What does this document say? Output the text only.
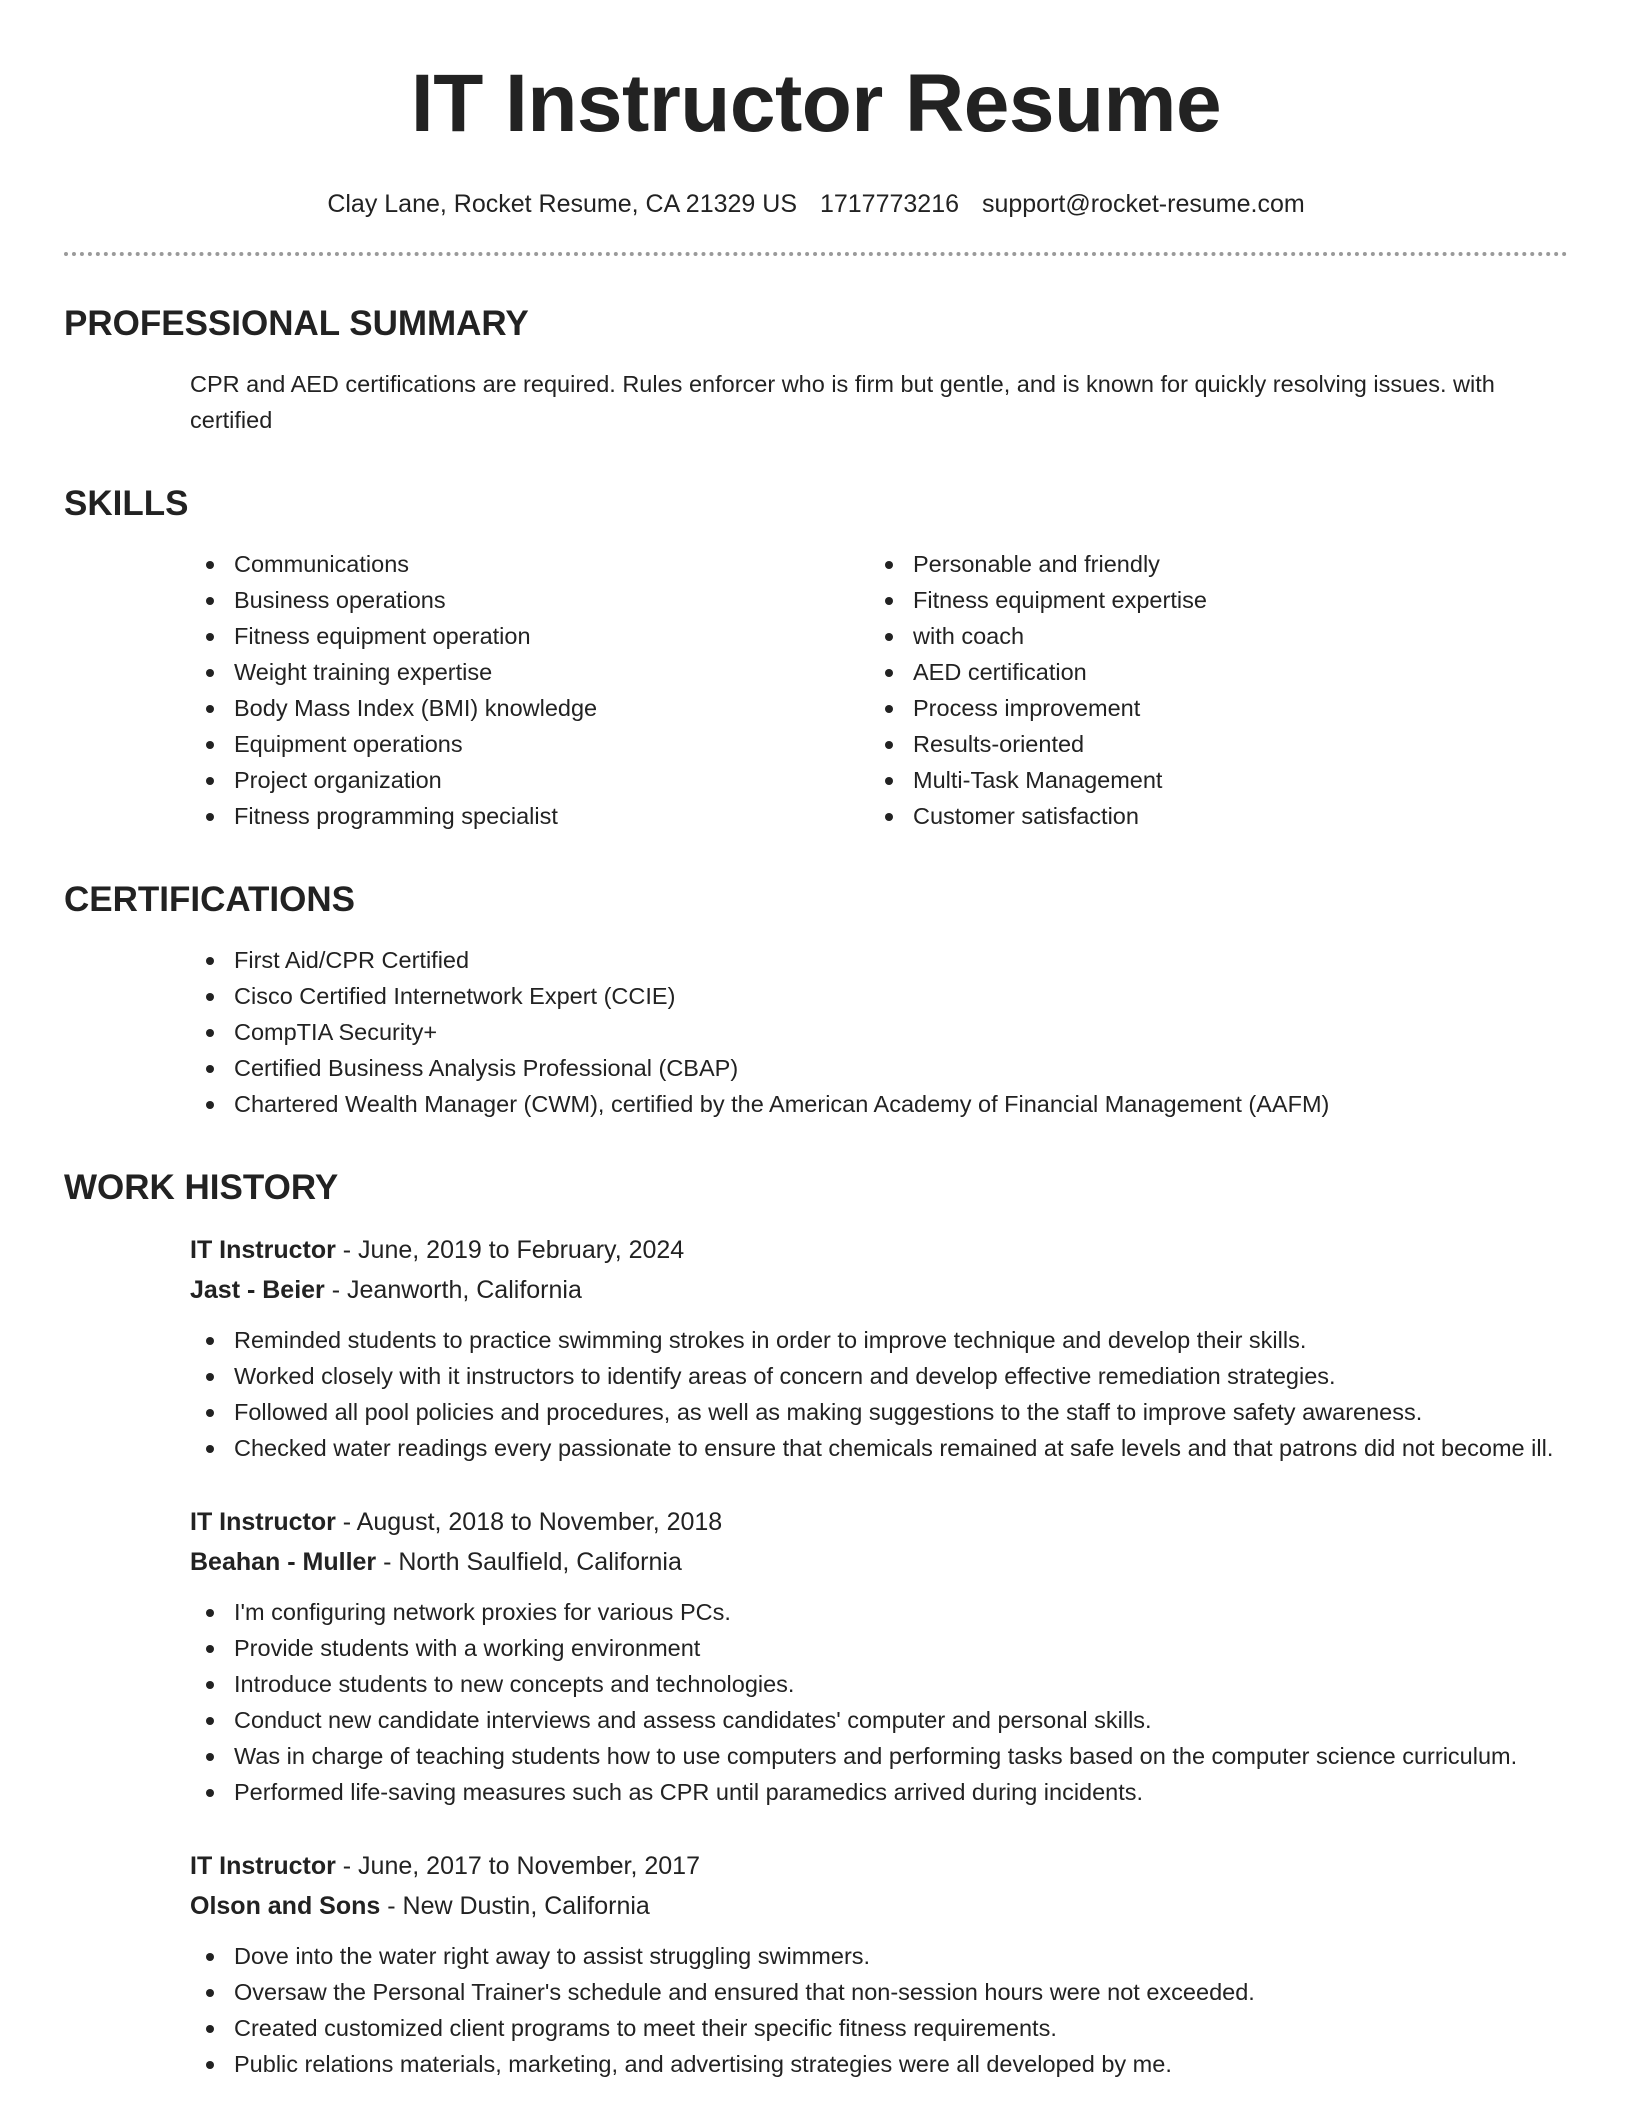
IT Instructor Resume
Clay Lane, Rocket Resume, CA 21329 US 1717773216 support@rocket-resume.com
PROFESSIONAL SUMMARY
CPR and AED certifications are required. Rules enforcer who is firm but gentle, and is known for quickly resolving issues. with certified
SKILLS
Communications
Business operations
Fitness equipment operation
Weight training expertise
Body Mass Index (BMI) knowledge
Equipment operations
Project organization
Fitness programming specialist
Personable and friendly
Fitness equipment expertise
with coach
AED certification
Process improvement
Results-oriented
Multi-Task Management
Customer satisfaction
CERTIFICATIONS
First Aid/CPR Certified
Cisco Certified Internetwork Expert (CCIE)
CompTIA Security+
Certified Business Analysis Professional (CBAP)
Chartered Wealth Manager (CWM), certified by the American Academy of Financial Management (AAFM)
WORK HISTORY
IT Instructor - June, 2019 to February, 2024
Jast - Beier - Jeanworth, California
Reminded students to practice swimming strokes in order to improve technique and develop their skills.
Worked closely with it instructors to identify areas of concern and develop effective remediation strategies.
Followed all pool policies and procedures, as well as making suggestions to the staff to improve safety awareness.
Checked water readings every passionate to ensure that chemicals remained at safe levels and that patrons did not become ill.
IT Instructor - August, 2018 to November, 2018
Beahan - Muller - North Saulfield, California
I'm configuring network proxies for various PCs.
Provide students with a working environment
Introduce students to new concepts and technologies.
Conduct new candidate interviews and assess candidates' computer and personal skills.
Was in charge of teaching students how to use computers and performing tasks based on the computer science curriculum.
Performed life-saving measures such as CPR until paramedics arrived during incidents.
IT Instructor - June, 2017 to November, 2017
Olson and Sons - New Dustin, California
Dove into the water right away to assist struggling swimmers.
Oversaw the Personal Trainer's schedule and ensured that non-session hours were not exceeded.
Created customized client programs to meet their specific fitness requirements.
Public relations materials, marketing, and advertising strategies were all developed by me.
